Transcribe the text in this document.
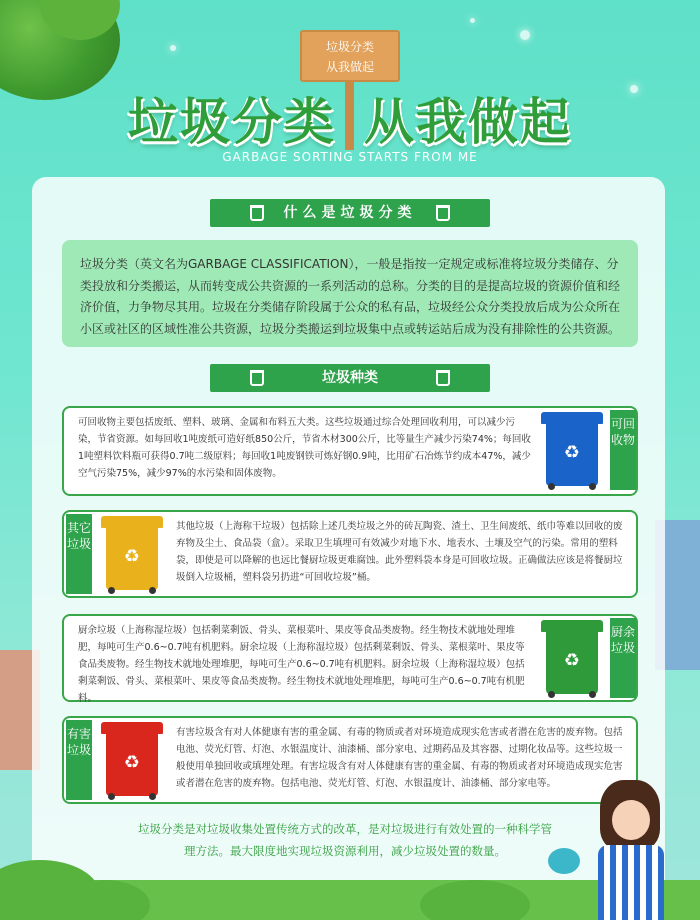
垃圾分类
从我做起
垃圾分类 从我做起
GARBAGE SORTING STARTS FROM ME
什么是垃圾分类
垃圾分类（英文名为GARBAGE CLASSIFICATION），一般是指按一定规定或标准将垃圾分类储存、分类投放和分类搬运，从而转变成公共资源的一系列活动的总称。分类的目的是提高垃圾的资源价值和经济价值，力争物尽其用。垃圾在分类储存阶段属于公众的私有品，垃圾经公众分类投放后成为公众所在小区或社区的区域性准公共资源，垃圾分类搬运到垃圾集中点或转运站后成为没有排除性的公共资源。
垃圾种类
可回收物主要包括废纸、塑料、玻璃、金属和布料五大类。这些垃圾通过综合处理回收利用，可以减少污染，节省资源。如每回收1吨废纸可造好纸850公斤，节省木材300公斤，比等量生产减少污染74%；每回收1吨塑料饮料瓶可获得0.7吨二级原料；每回收1吨废钢铁可炼好钢0.9吨，比用矿石冶炼节约成本47%，减少空气污染75%，减少97%的水污染和固体废物。
♻
可回收物
其它垃圾
♻
其他垃圾（上海称干垃圾）包括除上述几类垃圾之外的砖瓦陶瓷、渣土、卫生间废纸、纸巾等难以回收的废弃物及尘土、食品袋（盒）。采取卫生填埋可有效减少对地下水、地表水、土壤及空气的污染。常用的塑料袋，即使是可以降解的也远比餐厨垃圾更难腐蚀。此外塑料袋本身是可回收垃圾。正确做法应该是将餐厨垃圾倒入垃圾桶，塑料袋另扔进“可回收垃圾”桶。
厨余垃圾（上海称湿垃圾）包括剩菜剩饭、骨头、菜根菜叶、果皮等食品类废物。经生物技术就地处理堆肥，每吨可生产0.6~0.7吨有机肥料。厨余垃圾（上海称湿垃圾）包括剩菜剩饭、骨头、菜根菜叶、果皮等食品类废物。经生物技术就地处理堆肥，每吨可生产0.6~0.7吨有机肥料。厨余垃圾（上海称湿垃圾）包括剩菜剩饭、骨头、菜根菜叶、果皮等食品类废物。经生物技术就地处理堆肥，每吨可生产0.6~0.7吨有机肥料。
♻
厨余垃圾
有害垃圾
♻
有害垃圾含有对人体健康有害的重金属、有毒的物质或者对环境造成现实危害或者潜在危害的废弃物。包括电池、荧光灯管、灯泡、水银温度计、油漆桶、部分家电、过期药品及其容器、过期化妆品等。这些垃圾一般使用单独回收或填埋处理。有害垃圾含有对人体健康有害的重金属、有毒的物质或者对环境造成现实危害或者潜在危害的废弃物。包括电池、荧光灯管、灯泡、水银温度计、油漆桶、部分家电等。
垃圾分类是对垃圾收集处置传统方式的改革，是对垃圾进行有效处置的一种科学管
理方法。最大限度地实现垃圾资源利用，减少垃圾处置的数量。
